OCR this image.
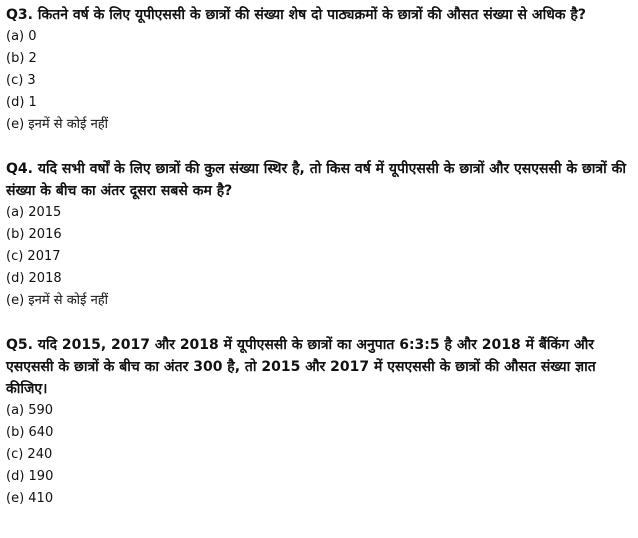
Q3. कितने वर्ष के लिए यूपीएससी के छात्रों की संख्या शेष दो पाठ्यक्रमों के छात्रों की औसत संख्या से अधिक है?

(a) 0
(b) 2
(c) 3
(d) 1
(e) इनमें से कोई नहीं

Q4. यदि सभी वर्षों के लिए छात्रों की कुल संख्या स्थिर है, तो किस वर्ष में यूपीएससी के छात्रों और एसएससी के छात्रों की संख्या के बीच का अंतर दूसरा सबसे कम है?

(a) 2015
(b) 2016
(c) 2017
(d) 2018
(e) इनमें से कोई नहीं

Q5. यदि 2015, 2017 और 2018 में यूपीएससी के छात्रों का अनुपात 6:3:5 है और 2018 में बैंकिंग और एसएससी के छात्रों के बीच का अंतर 300 है, तो 2015 और 2017 में एसएससी के छात्रों की औसत संख्या ज्ञात कीजिए।

(a) 590
(b) 640
(c) 240
(d) 190
(e) 410
